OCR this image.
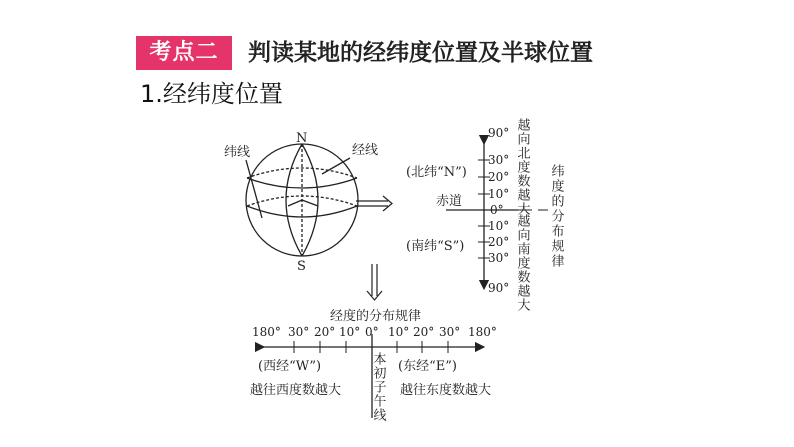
考点二	判读某地的经纬度位置及半球位置
1.经纬度位置
纬线	经线
N
S
90°
30°
20°
10°
0°
10°
20°
30°
90°
(北纬“N”)
赤道
(南纬“S”)
越向北度数越大
越向南度数越大 纬度的分布规律
经度的分布规律
180° 30° 20° 10° 0° 10° 20° 30° 180°
(西经“W”)	(东经“E”)
越往西度数越大	越往东度数越大
本初子午线
